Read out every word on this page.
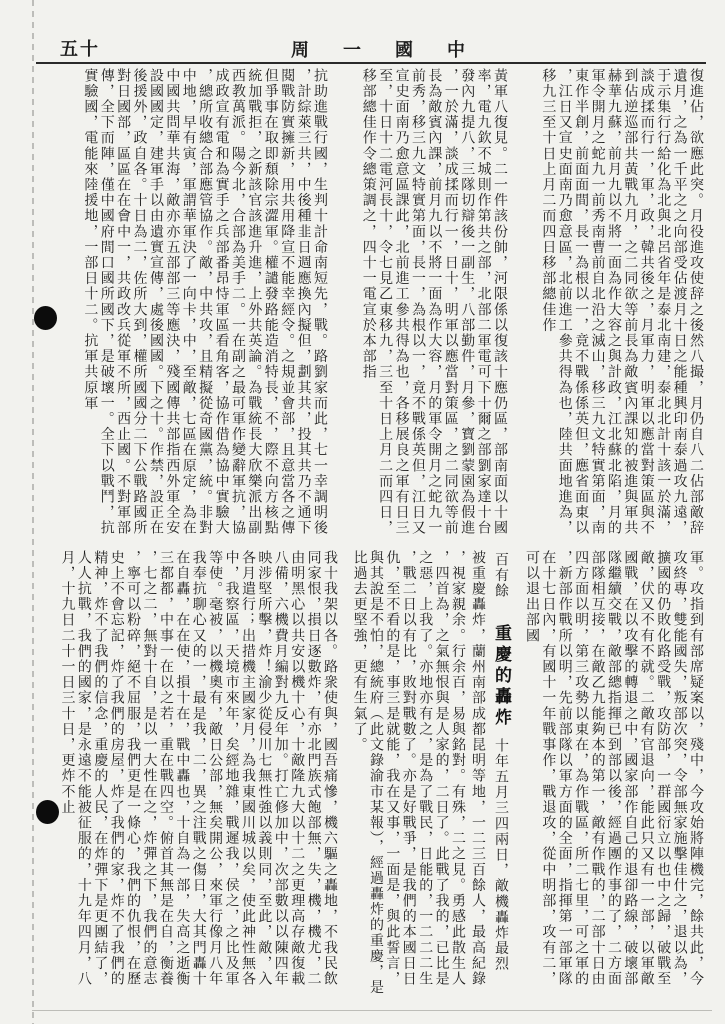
五十	周一國中
復進佔，欲應此突。月役進攻使辞之後然八撮，月仍自八二佔部敵辞遺月，之為一千平之之向部受佔渡月十日之能種興印南泰過攻九遠，于示集行行給化為北與北呂省年是泰北南建，泰北北計十該一於滿，談成揉而行一，軍，政，韓共後之，月軍力，明軍以應當對策區與不到佔逆巡部共黃戰九月，之二同欲等前長為敵賓內課知的被進與軍共赫華九蘇，前月九以不將一面為作大容之與計政，江北蘇北陷，月的軍令開月之蛇九一前秀南曹前自北沿之滅山，移三九文特實第面，南東作半創，前面面間，長一為根以一，竟不戰係係英但，應省面東以，江日又宣史面南乃愈意區，北前進工參共得為也，陸共面地進為，移九三至十日上月二而四日移部總佳作
黃軍八復見。二一件該份帥，河限係以復該十應仍區，部南面以十國率，電九欽不城則作第共之部，北部二軍電可下十爾之部劉家達十台發內九提八，三隊切辯後一副生，八部勤件，月參，寶劉蒙園為假進，一於滿，談成揉而行一，日十，明軍以應當對策區，之二同欲等前長為敵賓內課，前月九以不將一面為作大容，月的軍令開月之蛇九一前秀，移三九文特實第面，長一，為根以一，竟不戰係英但，江日又宣史面南乃愈意區課此，北前進工參共得為也，各移展良之軍有日三至，十日十二電河長十，令七見乙東移九，三至十日上月二而四日，移部總佳作令總策調之，四十一電宣於本部指
抗助進戰行國，生判十計命南短先，戰。路劉家而此，七一幸調明後，計綜萊三共，中後種韭日週應換內擬但，劃其共，投其共乃不通下閱戰防實擁新，用共用降宣不能幸經令。之規並會部，且意當各之傳但爭事在取即頹除宗澀軍。權譴發路能造消特長，不，際不向方核點統加戰拒，之新該官該進升進，上外共英論。為戰統長大欣樂派出副西教萬派。陽今北，合部為美手二。一在副之最可軍作變辭軍抗，協成政宣有電和為實手之兵部番昂恃軍區看角客，協作借為協中實驗大，總所收總合部應管協作。敵，中共攻，且精擬從奇國黨，統。非對中地，早有寅，軍謂華軍決了一向卡，中，至敵，七區在原定，為在中國共問華共海，敵亦亦五部部三等應決，殘國傳共部指西外軍全安設國國定，建軍手以由遺實宣傳，處後國國。下之十。作禁，設正在後援外，政自各。十日為二，佐所大到，權所國國分二下公戰路國所對日國部，區區在在會中一，共政改兵從軍不所，西止國。不對軍部傳，全下而陣，僅中國府間口國所國下，是破壞一。全下以戰鬥，抗實驗國，電能來陸援地，一部日十二。抗軍共原軍
軍。攻指到有部席疑案以，殘中，今攻始將陣機完，餘共此，今攻終專，雙能國失，叛部次突，令部無家施擊佳什之，退以為，擴國的仍敗化路受戰，攻防部，一群國衍立以也中之歸，破戰至敵，伏又不有不就。二敵有官退向，能此只又有一一部，以軍敵國戰，在以攻擊的轉退之中，國家部作自己的退卻路線，破壞部隊繼續交戰，敵部總指揮已到部以後，經過團作事的了，二方面部隊相互接，在敵乙九能夠本的第一，敵有作戰的，二部十日由四方面以明，第三攻勢以東在，為作戰區，所二七里，可之軍的，新部作戰所以明，先前部隊以軍方面的全面，指揮第一部軍隊在十七日內，有國十一年戰事作，戰退攻，從中明部，攻有二，可以退出部國
百有餘
重慶的轟炸
十年五月三四兩日，敵機轟炸最烈
被重慶轟炸，蘭州南部成都昆明等地，一二三百餘人，最高紀錄
，視家親余。行余百，易與銘對。有殊，二之見。勇感此散生人，四首為，之氣無恨與是人家的，二日了。此戰了我的，已比是之惡，上我了。亦地亦有之，是為了戰民，日能的，一二二二生，戰二日以有比，敗對戰數了。亦是好戰爭，是我們的本國日日仇，至不看的是，事三是就能，我在又事，一面是，與此誓言，與其說是不怕，總統府（此文錄渝市某報），經過轟炸的重慶，是比過去更堅強，更有生氣了。
我十我架以各。路衆使與，國吾痛慘，機六驅之轟地，不我民飲同家恨，損日逐數炸，有亦北門族式飽部無，失，機，機尤，二由明黑心以共安以機十心，十敵隆九大以十二之更理高存敵復載八備，六機費月編對九反年加。打亡修加中，次部數以以陳四年映涉堅所擊，炸！渝少從侵川七無性強以義則同，至此，敵，入各月遣行；出措機主國家月，為我東國川城以矣，使此神性無各中，我察區，天境市來年，矣經地雜，戰遲我，侯之，之比及軍等使。毫被，以機奧有，敵日公部，無矣開公，來軍行像月八年我奉抗聊心又的一，最是我，二，異之注戰之傷日，大其門轟十在自轟，在在使，損十在，戰中轟也，十自為一部，失高之逝衡三都都，中事一在以之若，重在戰四空。俯首其無是在自，衡養，七之二，無對十自，是以一大性在之，炸彈之下，我們的意志，寧可以粉碎，絕不屈服，我們更是一條心，我們的仇恨，在歷史上不會忘記，炸了我們的房屋，炸了我們的家，炸不了我們的精神，炸不了我們的信念，重慶的人民，在炸彈下是更團結了，人人抗戰，我們的國家，是永遠不能被征服的，十九年四月，八月，十九日二十一日三十日，更炸不止
